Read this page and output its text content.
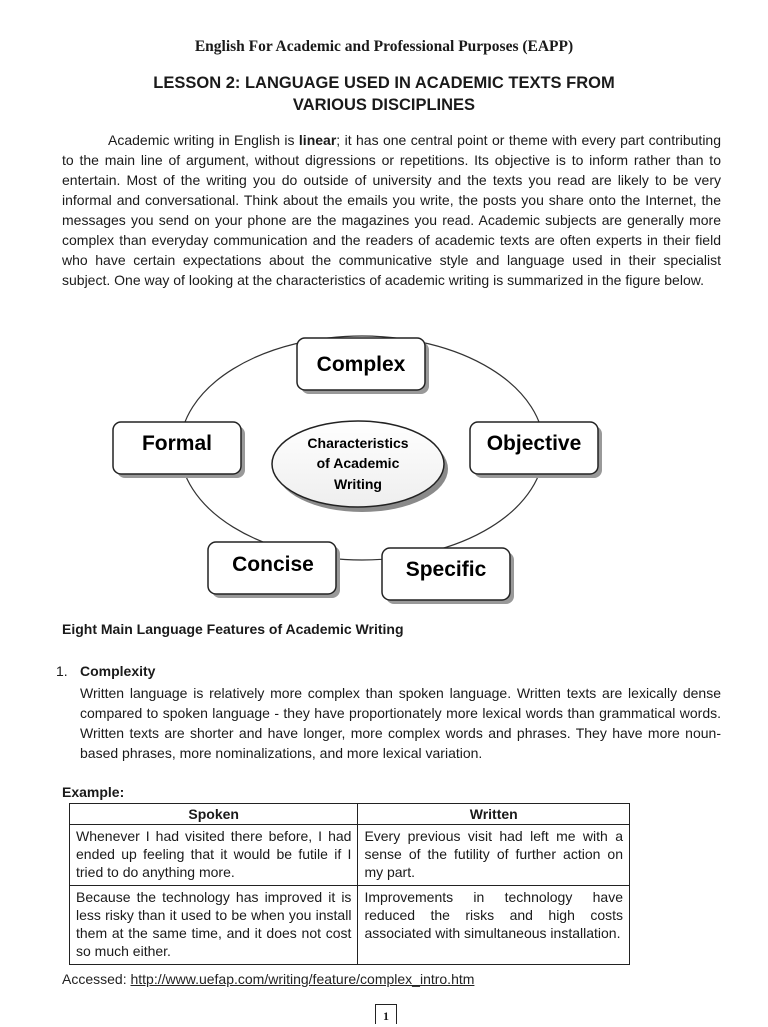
English For Academic and Professional Purposes (EAPP)
LESSON 2: LANGUAGE USED IN ACADEMIC TEXTS FROM
VARIOUS DISCIPLINES

Academic writing in English is linear; it has one central point or theme with every part contributing to the main line of argument, without digressions or repetitions. Its objective is to inform rather than to entertain. Most of the writing you do outside of university and the texts you read are likely to be very informal and conversational. Think about the emails you write, the posts you share onto the Internet, the messages you send on your phone are the magazines you read. Academic subjects are generally more complex than everyday communication and the readers of academic texts are often experts in their field who have certain expectations about the communicative style and language used in their specialist subject. One way of looking at the characteristics of academic writing is summarized in the figure below.

Characteristics
of Academic
Writing
Complex
Formal	Objective
Concise	Specific
Eight Main Language Features of Academic Writing
1. Complexity

Written language is relatively more complex than spoken language. Written texts are lexically dense compared to spoken language - they have proportionately more lexical words than grammatical words. Written texts are shorter and have longer, more complex words and phrases. They have more noun-based phrases, more nominalizations, and more lexical variation.

Example:
Spoken	Written
Whenever I had visited there before, I had ended up feeling that it would be futile if I tried to do anything more.	Every previous visit had left me with a sense of the futility of further action on my part.
Because the technology has improved it is less risky than it used to be when you install them at the same time, and it does not cost so much either.	Improvements in technology have reduced the risks and high costs associated with simultaneous installation.
Accessed: http://www.uefap.com/writing/feature/complex_intro.htm
1
